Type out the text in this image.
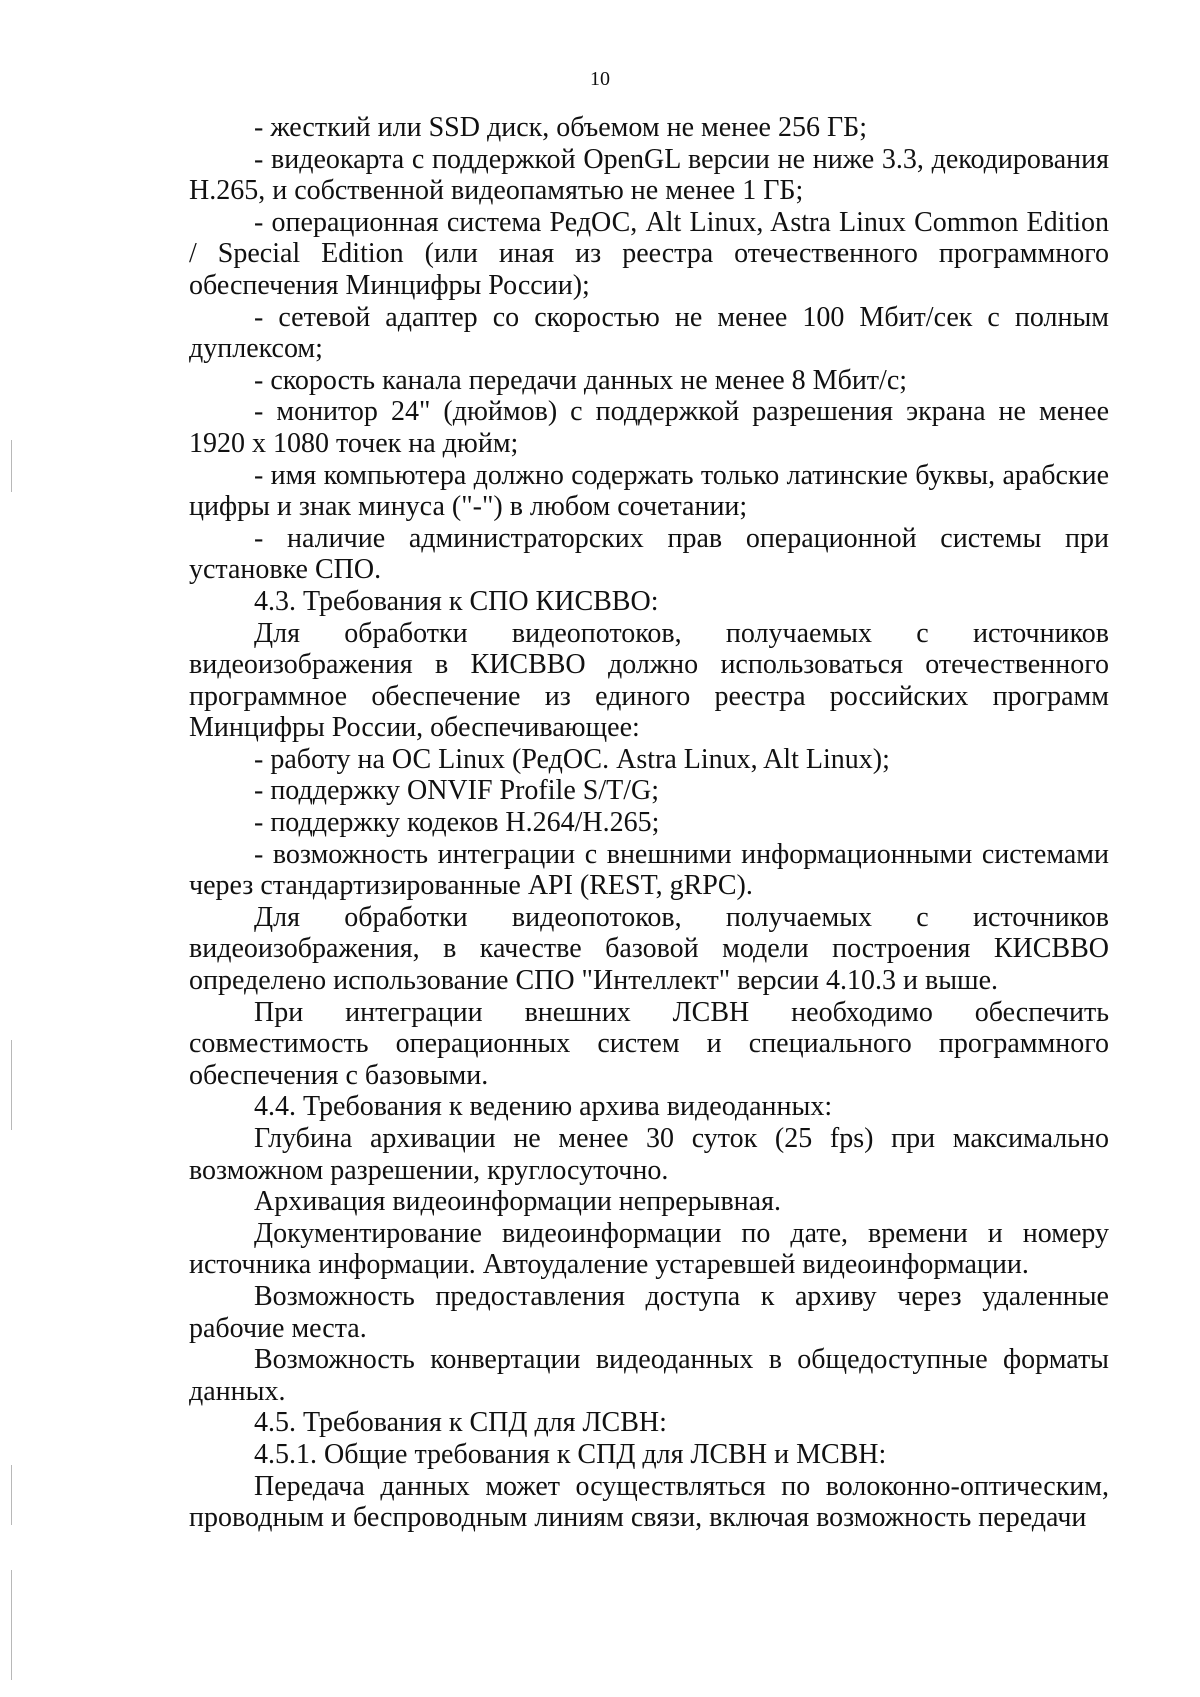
10

- жесткий или SSD диск, объемом не менее 256 ГБ;

- видеокарта с поддержкой OpenGL версии не ниже 3.3, декодирования H.265, и собственной видеопамятью не менее 1 ГБ;

- операционная система РедОС, Alt Linux, Astra Linux Common Edition / Special Edition (или иная из реестра отечественного программного обеспечения Минцифры России);

- сетевой адаптер со скоростью не менее 100 Мбит/сек с полным дуплексом;

- скорость канала передачи данных не менее 8 Мбит/с;

- монитор 24" (дюймов) с поддержкой разрешения экрана не менее 1920 х 1080 точек на дюйм;

- имя компьютера должно содержать только латинские буквы, арабские цифры и знак минуса ("-") в любом сочетании;

- наличие администраторских прав операционной системы при установке СПО.

4.3. Требования к СПО КИСВВО:

Для обработки видеопотоков, получаемых с источников видеоизображения в КИСВВО должно использоваться отечественного программное обеспечение из единого реестра российских программ Минцифры России, обеспечивающее:

- работу на ОС Linux (РедОС. Astra Linux, Alt Linux);

- поддержку ONVIF Profile S/T/G;

- поддержку кодеков H.264/H.265;

- возможность интеграции с внешними информационными системами через стандартизированные API (REST, gRPC).

Для обработки видеопотоков, получаемых с источников видеоизображения, в качестве базовой модели построения КИСВВО определено использование СПО "Интеллект" версии 4.10.3 и выше.

При интеграции внешних ЛСВН необходимо обеспечить совместимость операционных систем и специального программного обеспечения с базовыми.

4.4. Требования к ведению архива видеоданных:

Глубина архивации не менее 30 суток (25 fps) при максимально возможном разрешении, круглосуточно.

Архивация видеоинформации непрерывная.

Документирование видеоинформации по дате, времени и номеру источника информации. Автоудаление устаревшей видеоинформации.

Возможность предоставления доступа к архиву через удаленные рабочие места.

Возможность конвертации видеоданных в общедоступные форматы данных.

4.5. Требования к СПД для ЛСВН:

4.5.1. Общие требования к СПД для ЛСВН и МСВН:

Передача данных может осуществляться по волоконно-оптическим, проводным и беспроводным линиям связи, включая возможность передачи
